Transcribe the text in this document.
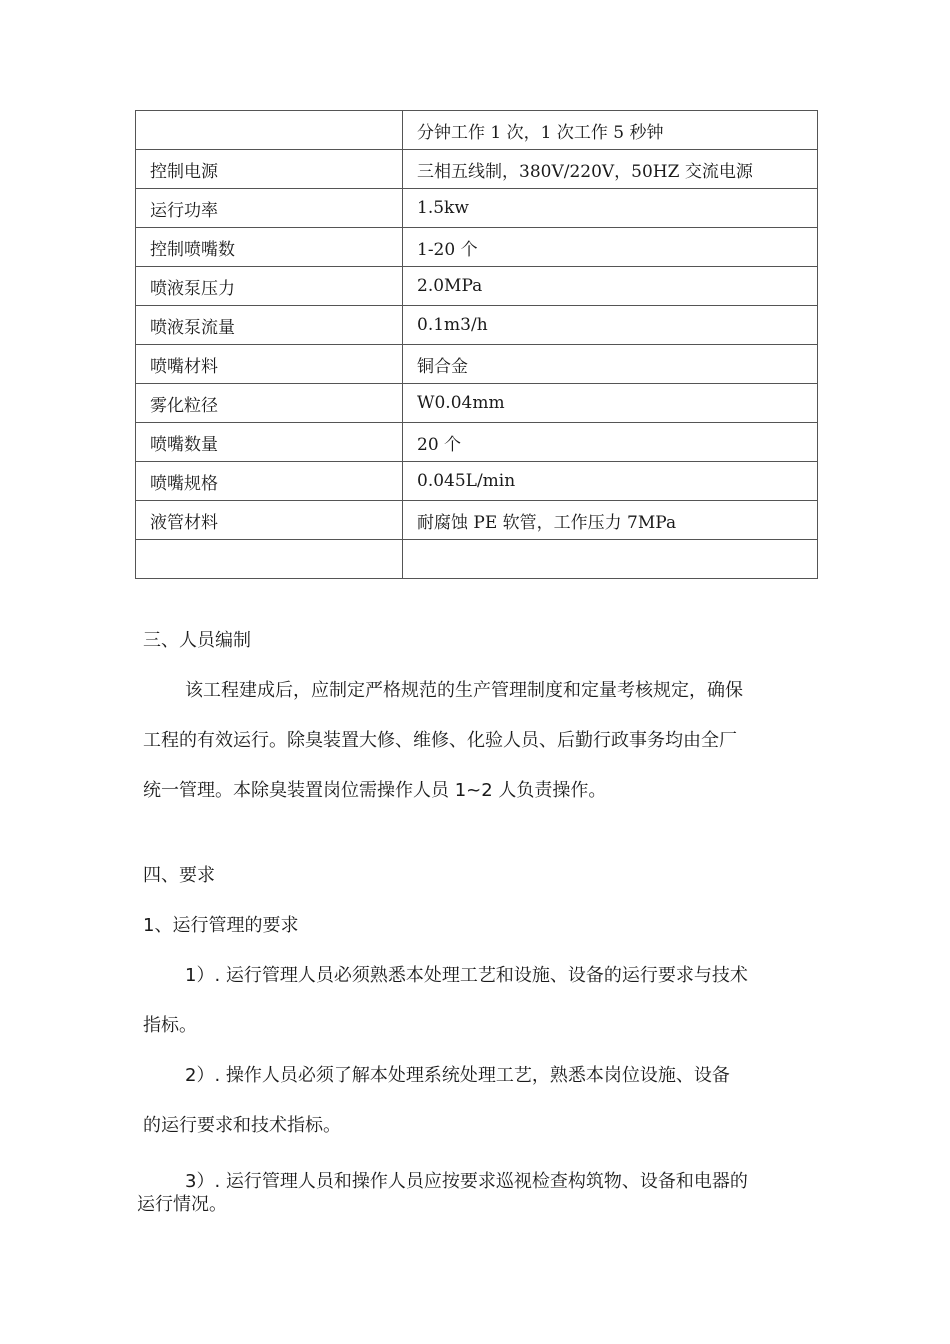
	分钟工作 1 次，1 次工作 5 秒钟
控制电源	三相五线制，380V/220V，50HZ 交流电源
运行功率	1.5kw
控制喷嘴数	1-20 个
喷液泵压力	2.0MPa
喷液泵流量	0.1m3/h
喷嘴材料	铜合金
雾化粒径	W0.04mm
喷嘴数量	20 个
喷嘴规格	0.045L/min
液管材料	耐腐蚀 PE 软管，工作压力 7MPa

三、人员编制
该工程建成后，应制定严格规范的生产管理制度和定量考核规定，确保
工程的有效运行。除臭装置大修、维修、化验人员、后勤行政事务均由全厂
统一管理。本除臭装置岗位需操作人员 1~2 人负责操作。
四、要求
1、运行管理的要求
1）. 运行管理人员必须熟悉本处理工艺和设施、设备的运行要求与技术
指标。
2）. 操作人员必须了解本处理系统处理工艺，熟悉本岗位设施、设备
的运行要求和技术指标。
3）. 运行管理人员和操作人员应按要求巡视检查构筑物、设备和电器的
运行情况。
